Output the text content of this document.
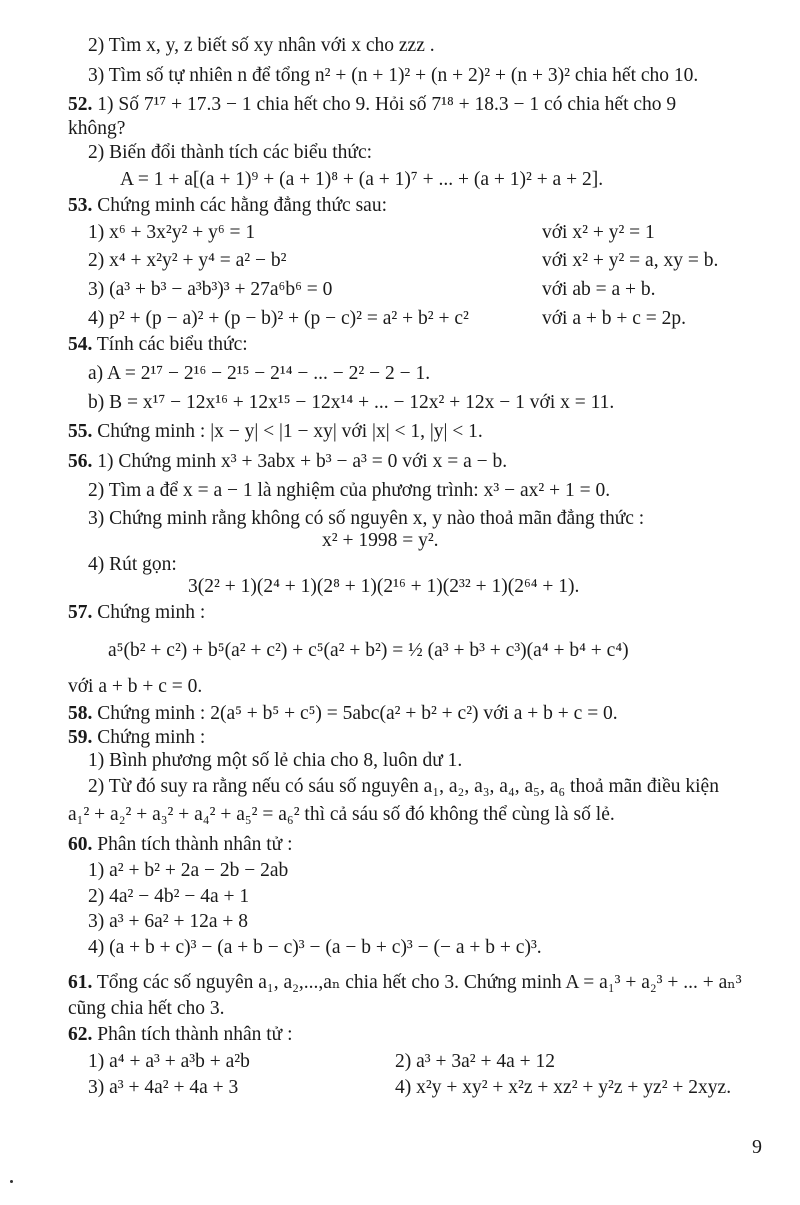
2) Tìm x, y, z biết số xy nhân với x cho zzz .
3) Tìm số tự nhiên n để tổng n² + (n + 1)² + (n + 2)² + (n + 3)² chia hết cho 10.
52. 1) Số 7¹⁷ + 17.3 − 1 chia hết cho 9. Hỏi số 7¹⁸ + 18.3 − 1 có chia hết cho 9
không?
2) Biến đổi thành tích các biểu thức:
A = 1 + a[(a + 1)⁹ + (a + 1)⁸ + (a + 1)⁷ + ... + (a + 1)² + a + 2].
53. Chứng minh các hằng đẳng thức sau:
1) x⁶ + 3x²y² + y⁶ = 1	với x² + y² = 1
2) x⁴ + x²y² + y⁴ = a² − b²	với x² + y² = a, xy = b.
3) (a³ + b³ − a³b³)³ + 27a⁶b⁶ = 0	với ab = a + b.
4) p² + (p − a)² + (p − b)² + (p − c)² = a² + b² + c²	với a + b + c = 2p.
54. Tính các biểu thức:
a) A = 2¹⁷ − 2¹⁶ − 2¹⁵ − 2¹⁴ − ... − 2² − 2 − 1.
b) B = x¹⁷ − 12x¹⁶ + 12x¹⁵ − 12x¹⁴ + ... − 12x² + 12x − 1 với x = 11.
55. Chứng minh : |x − y| < |1 − xy| với |x| < 1, |y| < 1.
56. 1) Chứng minh x³ + 3abx + b³ − a³ = 0 với x = a − b.
2) Tìm a để x = a − 1 là nghiệm của phương trình: x³ − ax² + 1 = 0.
3) Chứng minh rằng không có số nguyên x, y nào thoả mãn đẳng thức :
x² + 1998 = y².
4) Rút gọn:
3(2² + 1)(2⁴ + 1)(2⁸ + 1)(2¹⁶ + 1)(2³² + 1)(2⁶⁴ + 1).
57. Chứng minh :
a⁵(b² + c²) + b⁵(a² + c²) + c⁵(a² + b²) = ½ (a³ + b³ + c³)(a⁴ + b⁴ + c⁴)
với a + b + c = 0.
58. Chứng minh : 2(a⁵ + b⁵ + c⁵) = 5abc(a² + b² + c²) với a + b + c = 0.
59. Chứng minh :
1) Bình phương một số lẻ chia cho 8, luôn dư 1.
2) Từ đó suy ra rằng nếu có sáu số nguyên a₁, a₂, a₃, a₄, a₅, a₆ thoả mãn điều kiện
a₁² + a₂² + a₃² + a₄² + a₅² = a₆² thì cả sáu số đó không thể cùng là số lẻ.
60. Phân tích thành nhân tử :
1) a² + b² + 2a − 2b − 2ab
2) 4a² − 4b² − 4a + 1
3) a³ + 6a² + 12a + 8
4) (a + b + c)³ − (a + b − c)³ − (a − b + c)³ − (− a + b + c)³.
61. Tổng các số nguyên a₁, a₂,...,aₙ chia hết cho 3. Chứng minh A = a₁³ + a₂³ + ... + aₙ³
cũng chia hết cho 3.
62. Phân tích thành nhân tử :
1) a⁴ + a³ + a³b + a²b	2) a³ + 3a² + 4a + 12
3) a³ + 4a² + 4a + 3	4) x²y + xy² + x²z + xz² + y²z + yz² + 2xyz.
9
